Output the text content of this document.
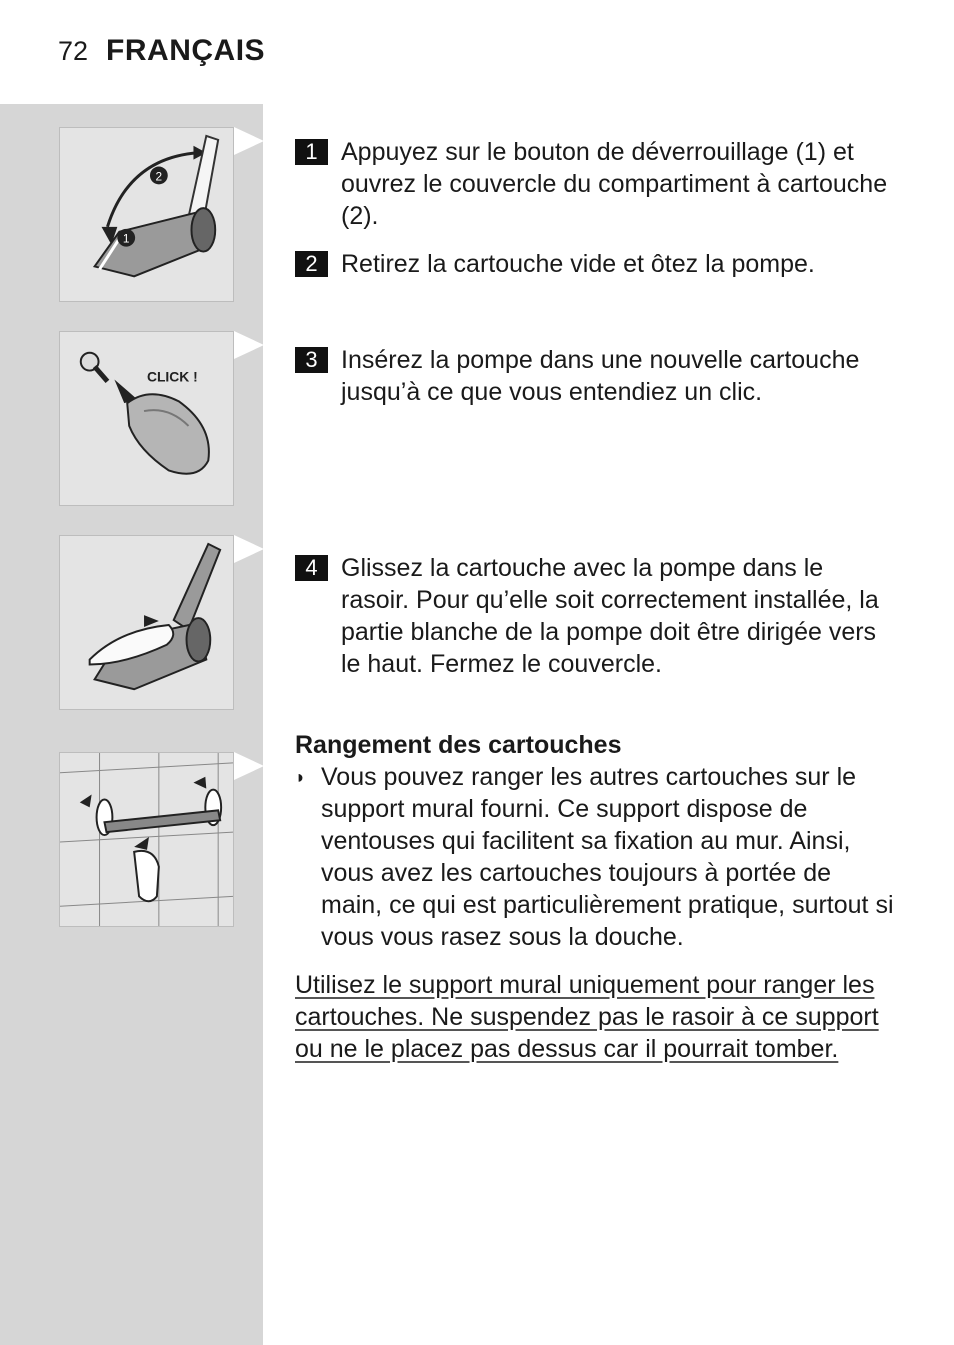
72 FRANÇAIS
2
1
CLICK !
1 Appuyez sur le bouton de déverrouillage (1) et ouvrez le couvercle du compartiment à cartouche (2).
2 Retirez la cartouche vide et ôtez la pompe.
3 Insérez la pompe dans une nouvelle cartouche jusqu’à ce que vous entendiez un clic.
4 Glissez la cartouche avec la pompe dans le rasoir. Pour qu’elle soit correctement installée, la partie blanche de la pompe doit être dirigée vers le haut. Fermez le couvercle.
Rangement des cartouches
◗ Vous pouvez ranger les autres cartouches sur le support mural fourni. Ce support dispose de ventouses qui facilitent sa fixation au mur. Ainsi, vous avez les cartouches toujours à portée de main, ce qui est particulièrement pratique, surtout si vous vous rasez sous la douche.
Utilisez le support mural uniquement pour ranger les cartouches. Ne suspendez pas le rasoir à ce support ou ne le placez pas dessus car il pourrait tomber.
